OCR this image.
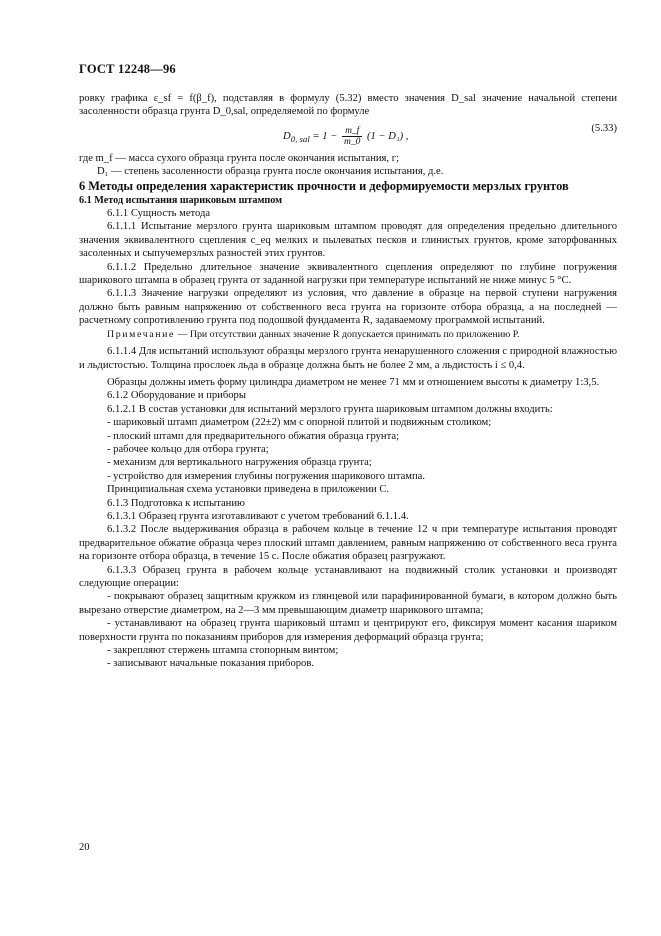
ГОСТ 12248—96

ровку графика ε_sf = f(β_f), подставляя в формулу (5.32) вместо значения D_sal значение начальной степени засоленности образца грунта D_0,sal, определяемой по формуле

$D_{0, sal} = 1 - \frac{m\_f}{m\_0} (1 - D_1)$ ,
(5.33)

где m_f — масса сухого образца грунта после окончания испытания, г;

D₁ — степень засоленности образца грунта после окончания испытания, д.е.

6 Методы определения характеристик прочности и деформируемости мерзлых грунтов

6.1 Метод испытания шариковым штампом

6.1.1 Сущность метода

6.1.1.1 Испытание мерзлого грунта шариковым штампом проводят для определения предельно длительного значения эквивалентного сцепления c_eq мелких и пылеватых песков и глинистых грунтов, кроме заторфованных засоленных и сыпучемерзлых разностей этих грунтов.

6.1.1.2 Предельно длительное значение эквивалентного сцепления определяют по глубине погружения шарикового штампа в образец грунта от заданной нагрузки при температуре испытаний не ниже минус 5 °С.

6.1.1.3 Значение нагрузки определяют из условия, что давление в образце на первой ступени нагружения должно быть равным напряжению от собственного веса грунта на горизонте отбора образца, а на последней — расчетному сопротивлению грунта под подошвой фундамента R, задаваемому программой испытаний.

Примечание — При отсутствии данных значение R допускается принимать по приложению Р.

6.1.1.4 Для испытаний используют образцы мерзлого грунта ненарушенного сложения с природной влажностью и льдистостью. Толщина прослоек льда в образце должна быть не более 2 мм, а льдистость i ≤ 0,4.

Образцы должны иметь форму цилиндра диаметром не менее 71 мм и отношением высоты к диаметру 1:3,5.

6.1.2 Оборудование и приборы

6.1.2.1 В состав установки для испытаний мерзлого грунта шариковым штампом должны входить:

- шариковый штамп диаметром (22±2) мм с опорной плитой и подвижным столиком;

- плоский штамп для предварительного обжатия образца грунта;

- рабочее кольцо для отбора грунта;

- механизм для вертикального нагружения образца грунта;

- устройство для измерения глубины погружения шарикового штампа.

Принципиальная схема установки приведена в приложении С.

6.1.3 Подготовка к испытанию

6.1.3.1 Образец грунта изготавливают с учетом требований 6.1.1.4.

6.1.3.2 После выдерживания образца в рабочем кольце в течение 12 ч при температуре испытания проводят предварительное обжатие образца через плоский штамп давлением, равным напряжению от собственного веса грунта на горизонте отбора образца, в течение 15 с. После обжатия образец разгружают.

6.1.3.3 Образец грунта в рабочем кольце устанавливают на подвижный столик установки и производят следующие операции:

- покрывают образец защитным кружком из глянцевой или парафинированной бумаги, в котором должно быть вырезано отверстие диаметром, на 2—3 мм превышающим диаметр шарикового штампа;

- устанавливают на образец грунта шариковый штамп и центрируют его, фиксируя момент касания шариком поверхности грунта по показаниям приборов для измерения деформаций образца грунта;

- закрепляют стержень штампа стопорным винтом;

- записывают начальные показания приборов.

20
